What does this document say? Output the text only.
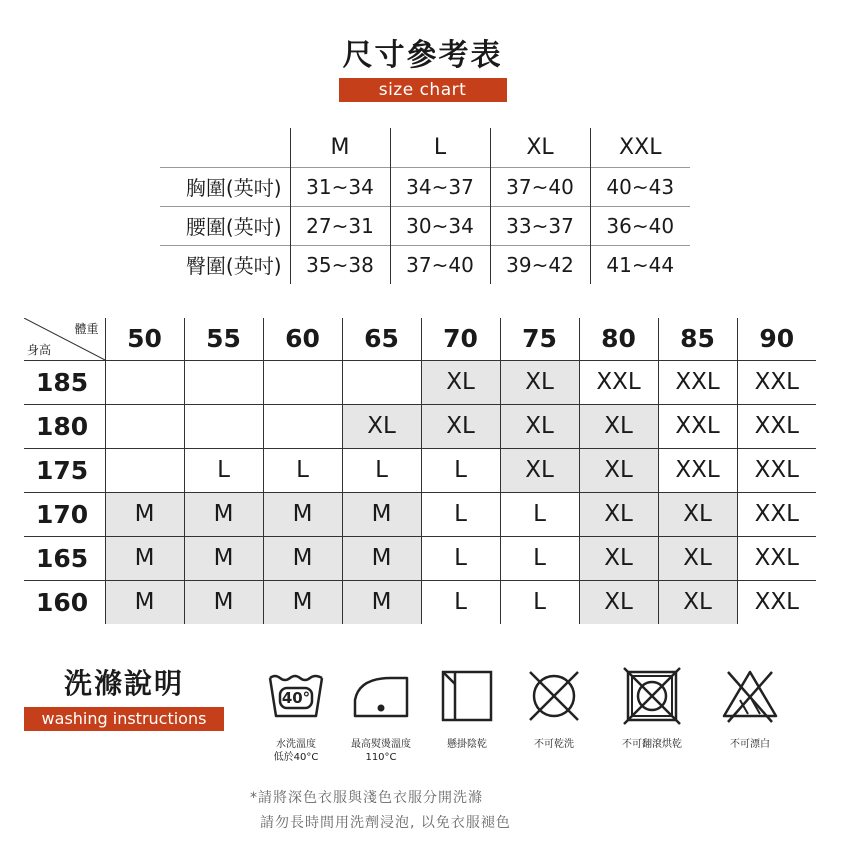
尺寸參考表
size chart
	M	L	XL	XXL
胸圍(英吋)	31~34	34~37	37~40	40~43
腰圍(英吋)	27~31	30~34	33~37	36~40
臀圍(英吋)	35~38	37~40	39~42	41~44
體重
身高	50	55	60	65	70	75	80	85	90
185					XL	XL	XXL	XXL	XXL
180				XL	XL	XL	XL	XXL	XXL
175		L	L	L	L	XL	XL	XXL	XXL
170	M	M	M	M	L	L	XL	XL	XXL
165	M	M	M	M	L	L	XL	XL	XXL
160	M	M	M	M	L	L	XL	XL	XXL
洗滌說明
washing instructions
40°
水洗溫度
低於40°C
最高熨燙溫度
110°C
懸掛陰乾	不可乾洗	不可翻滾烘乾	不可漂白
*請將深色衣服與淺色衣服分開洗滌
請勿長時間用洗劑浸泡, 以免衣服褪色
